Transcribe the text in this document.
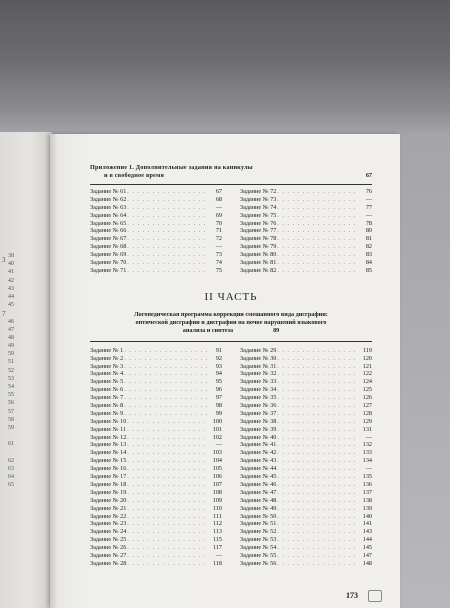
3
7
38
40
41
42
43
44
45
46
47
48
49
50
51
52
53
54
55
56
57
58
59
61
62
63
64
65
Приложение 1. Дополнительные задания на каникулы
и в свободное время	67
Задание № 61 . . .	67
Задание № 62 . . .	68
Задание № 63 . . .	—
Задание № 64 . . .	69
Задание № 65 . . .	70
Задание № 66 . . .	71
Задание № 67 . . .	72
Задание № 68 . . .	—
Задание № 69 . . .	73
Задание № 70 . . .	74
Задание № 71 . . .	75
Задание № 72 . . .	76
Задание № 73 . . .	—
Задание № 74 . . .	77
Задание № 75 . . .	—
Задание № 76 . . .	78
Задание № 77 . . .	80
Задание № 78 . . .	81
Задание № 79 . . .	82
Задание № 80 . . .	83
Задание № 81 . . .	84
Задание № 82 . . .	85
II ЧАСТЬ
Логопедическая программа коррекции смешанного вида дисграфии:
оптической дисграфии и дисграфии на почве нарушений языкового
анализа и синтеза	89
Задание № 1 . . .	91
Задание № 2 . . .	92
Задание № 3 . . .	93
Задание № 4 . . .	94
Задание № 5 . . .	95
Задание № 6 . . .	96
Задание № 7 . . .	97
Задание № 8 . . .	98
Задание № 9 . . .	99
Задание № 10 . . .	100
Задание № 11 . . .	101
Задание № 12 . . .	102
Задание № 13 . . .	—
Задание № 14 . . .	103
Задание № 15 . . .	104
Задание № 16 . . .	105
Задание № 17 . . .	106
Задание № 18 . . .	107
Задание № 19 . . .	108
Задание № 20 . . .	109
Задание № 21 . . .	110
Задание № 22 . . .	111
Задание № 23 . . .	112
Задание № 24 . . .	113
Задание № 25 . . .	115
Задание № 26 . . .	117
Задание № 27 . . .	—
Задание № 28 . . .	118
Задание № 29 . . .	119
Задание № 30 . . .	120
Задание № 31 . . .	121
Задание № 32 . . .	122
Задание № 33 . . .	124
Задание № 34 . . .	125
Задание № 35 . . .	126
Задание № 36 . . .	127
Задание № 37 . . .	128
Задание № 38 . . .	129
Задание № 39 . . .	131
Задание № 40 . . .	—
Задание № 41 . . .	132
Задание № 42 . . .	133
Задание № 43 . . .	134
Задание № 44 . . .	—
Задание № 45 . . .	135
Задание № 46 . . .	136
Задание № 47 . . .	137
Задание № 48 . . .	138
Задание № 49 . . .	139
Задание № 50 . . .	140
Задание № 51 . . .	141
Задание № 52 . . .	143
Задание № 53 . . .	144
Задание № 54 . . .	145
Задание № 55 . . .	147
Задание № 56 . . .	148
173
